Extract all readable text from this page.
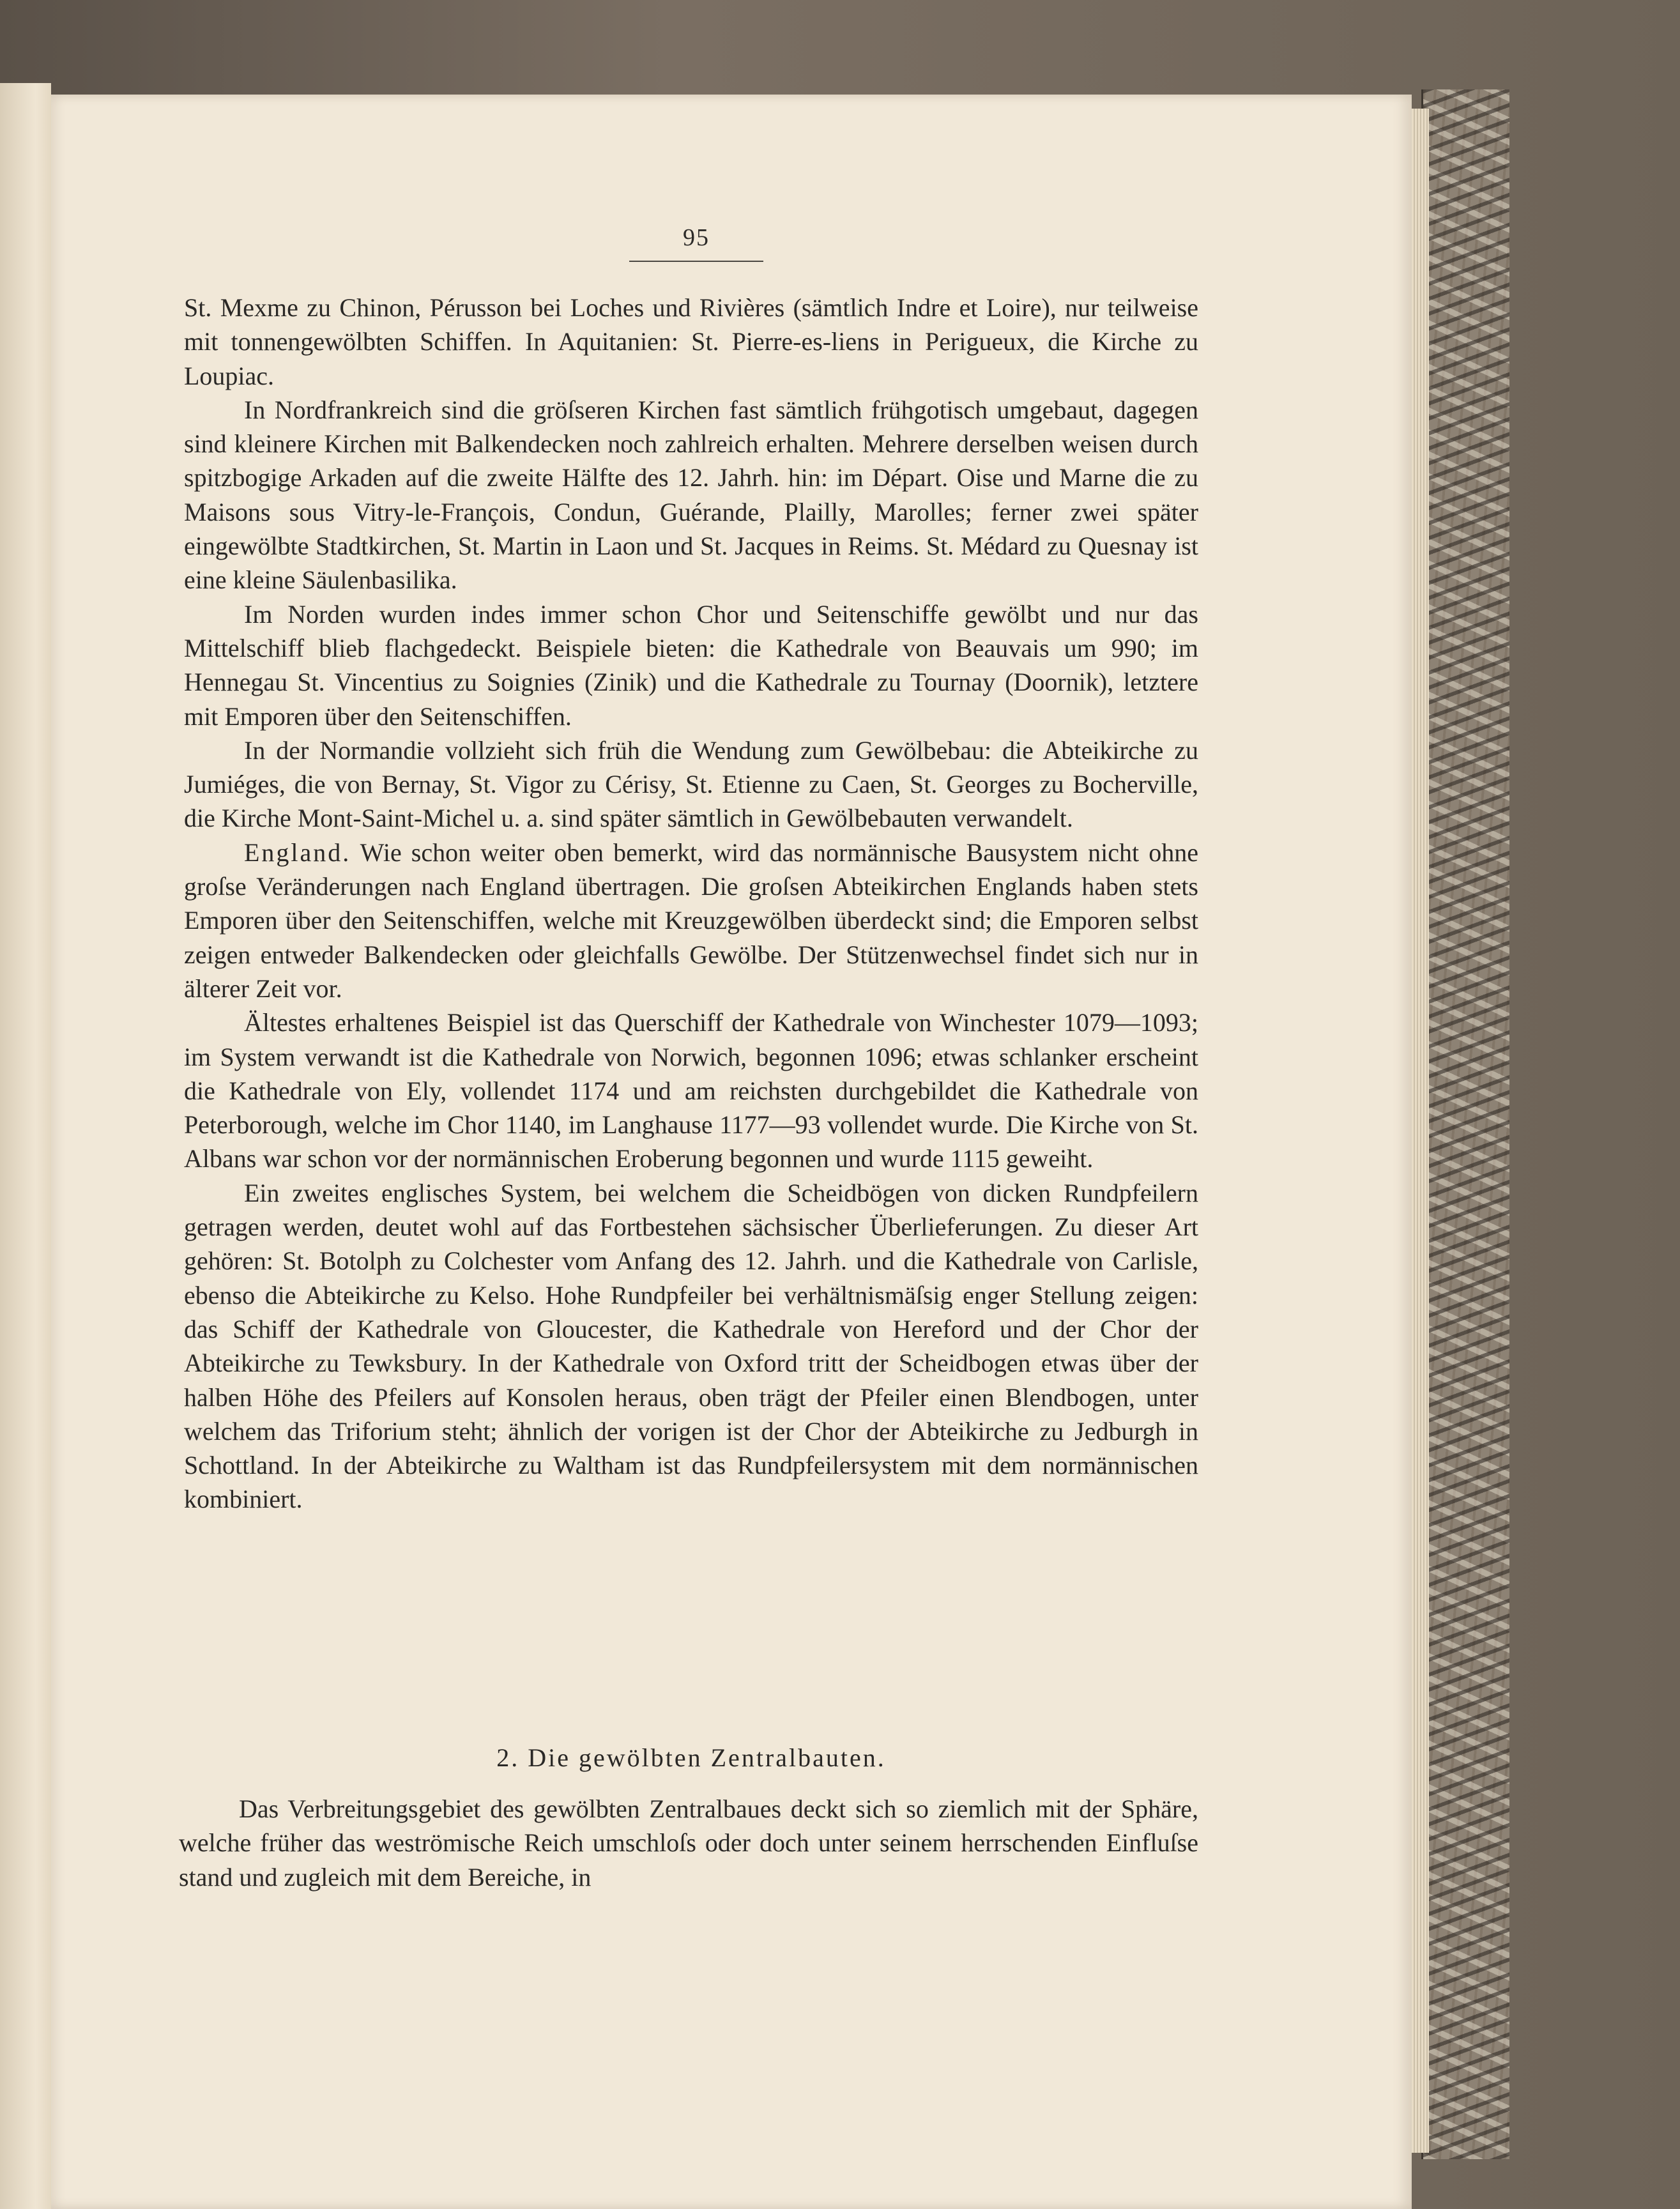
95

St. Mexme zu Chinon, Pérusson bei Loches und Rivières (sämtlich Indre et Loire), nur teilweise mit tonnengewölbten Schiffen. In Aquitanien: St. Pierre-es-liens in Perigueux, die Kirche zu Loupiac.

In Nordfrankreich sind die gröſseren Kirchen fast sämtlich frühgotisch umgebaut, dagegen sind kleinere Kirchen mit Balkendecken noch zahlreich erhalten. Mehrere derselben weisen durch spitzbogige Arkaden auf die zweite Hälfte des 12. Jahrh. hin: im Départ. Oise und Marne die zu Maisons sous Vitry-le-François, Condun, Guérande, Plailly, Marolles; ferner zwei später eingewölbte Stadtkirchen, St. Martin in Laon und St. Jacques in Reims. St. Médard zu Quesnay ist eine kleine Säulenbasilika.

Im Norden wurden indes immer schon Chor und Seitenschiffe gewölbt und nur das Mittelschiff blieb flachgedeckt. Beispiele bieten: die Kathedrale von Beauvais um 990; im Hennegau St. Vincentius zu Soignies (Zinik) und die Kathedrale zu Tournay (Doornik), letztere mit Emporen über den Seitenschiffen.

In der Normandie vollzieht sich früh die Wendung zum Gewölbebau: die Abteikirche zu Jumiéges, die von Bernay, St. Vigor zu Cérisy, St. Etienne zu Caen, St. Georges zu Bocherville, die Kirche Mont-Saint-Michel u. a. sind später sämtlich in Gewölbebauten verwandelt.

England. Wie schon weiter oben bemerkt, wird das normännische Bausystem nicht ohne groſse Veränderungen nach England übertragen. Die groſsen Abteikirchen Englands haben stets Emporen über den Seitenschiffen, welche mit Kreuzgewölben überdeckt sind; die Emporen selbst zeigen entweder Balkendecken oder gleichfalls Gewölbe. Der Stützenwechsel findet sich nur in älterer Zeit vor.

Ältestes erhaltenes Beispiel ist das Querschiff der Kathedrale von Winchester 1079—1093; im System verwandt ist die Kathedrale von Norwich, begonnen 1096; etwas schlanker erscheint die Kathedrale von Ely, vollendet 1174 und am reichsten durchgebildet die Kathedrale von Peterborough, welche im Chor 1140, im Langhause 1177—93 vollendet wurde. Die Kirche von St. Albans war schon vor der normännischen Eroberung begonnen und wurde 1115 geweiht.

Ein zweites englisches System, bei welchem die Scheidbögen von dicken Rundpfeilern getragen werden, deutet wohl auf das Fortbestehen sächsischer Überlieferungen. Zu dieser Art gehören: St. Botolph zu Colchester vom Anfang des 12. Jahrh. und die Kathedrale von Carlisle, ebenso die Abteikirche zu Kelso. Hohe Rundpfeiler bei verhältnismäſsig enger Stellung zeigen: das Schiff der Kathedrale von Gloucester, die Kathedrale von Hereford und der Chor der Abteikirche zu Tewksbury. In der Kathedrale von Oxford tritt der Scheidbogen etwas über der halben Höhe des Pfeilers auf Konsolen heraus, oben trägt der Pfeiler einen Blendbogen, unter welchem das Triforium steht; ähnlich der vorigen ist der Chor der Abteikirche zu Jedburgh in Schottland. In der Abteikirche zu Waltham ist das Rundpfeilersystem mit dem normännischen kombiniert.

2. Die gewölbten Zentralbauten.

Das Verbreitungsgebiet des gewölbten Zentralbaues deckt sich so ziemlich mit der Sphäre, welche früher das weströmische Reich umschloſs oder doch unter seinem herrschenden Einfluſse stand und zugleich mit dem Bereiche, in
